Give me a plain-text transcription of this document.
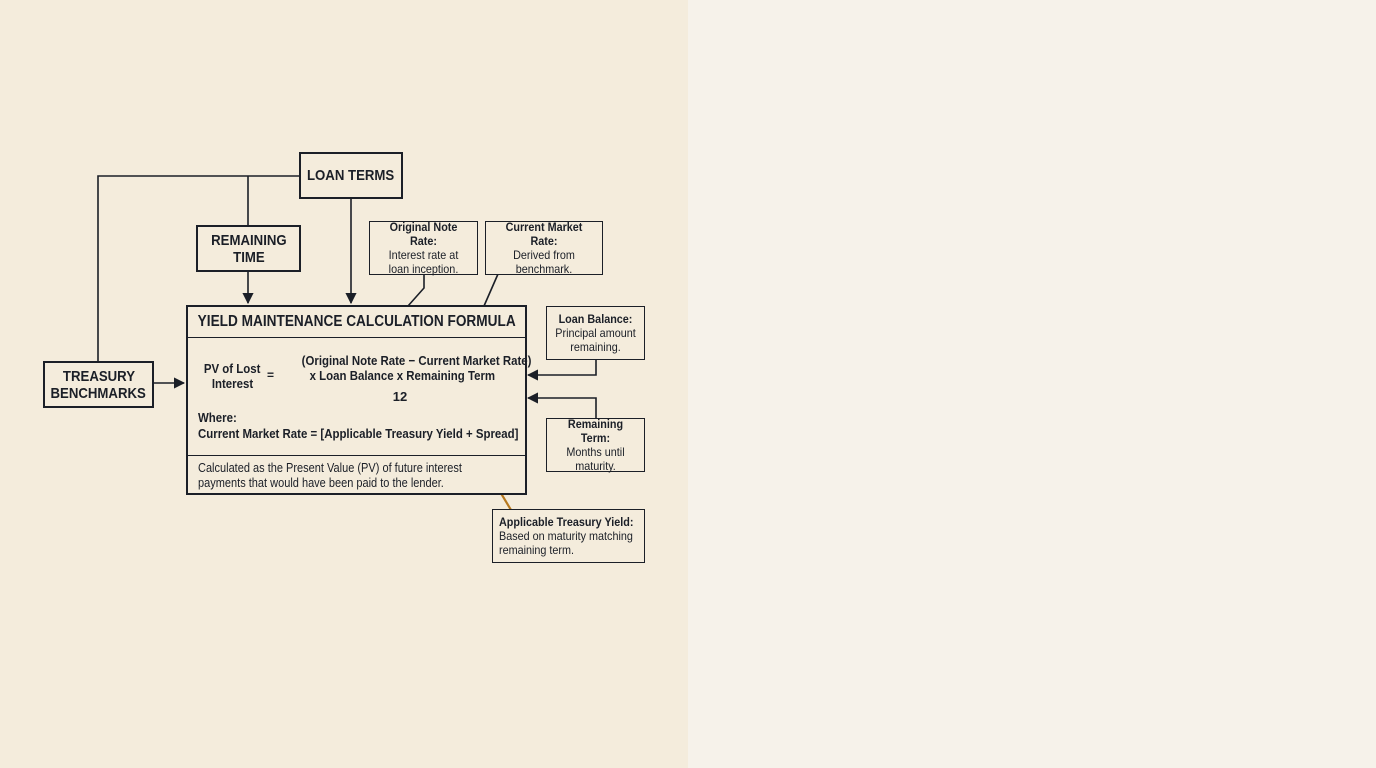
LOAN TERMS
REMAINING
TIME
TREASURY
BENCHMARKS
Original Note Rate:
Interest rate at
loan inception.
Current Market Rate:
Derived from
benchmark.
Loan Balance:
Principal amount
remaining.
Remaining Term:
Months until
maturity.
Applicable Treasury Yield:
Based on maturity matching
remaining term.
YIELD MAINTENANCE CALCULATION FORMULA
PV of Lost
Interest
=
(Original Note Rate − Current Market Rate)
x Loan Balance x Remaining Term
12
Where:
Current Market Rate = [Applicable Treasury Yield + Spread]
Calculated as the Present Value (PV) of future interest
payments that would have been paid to the lender.
